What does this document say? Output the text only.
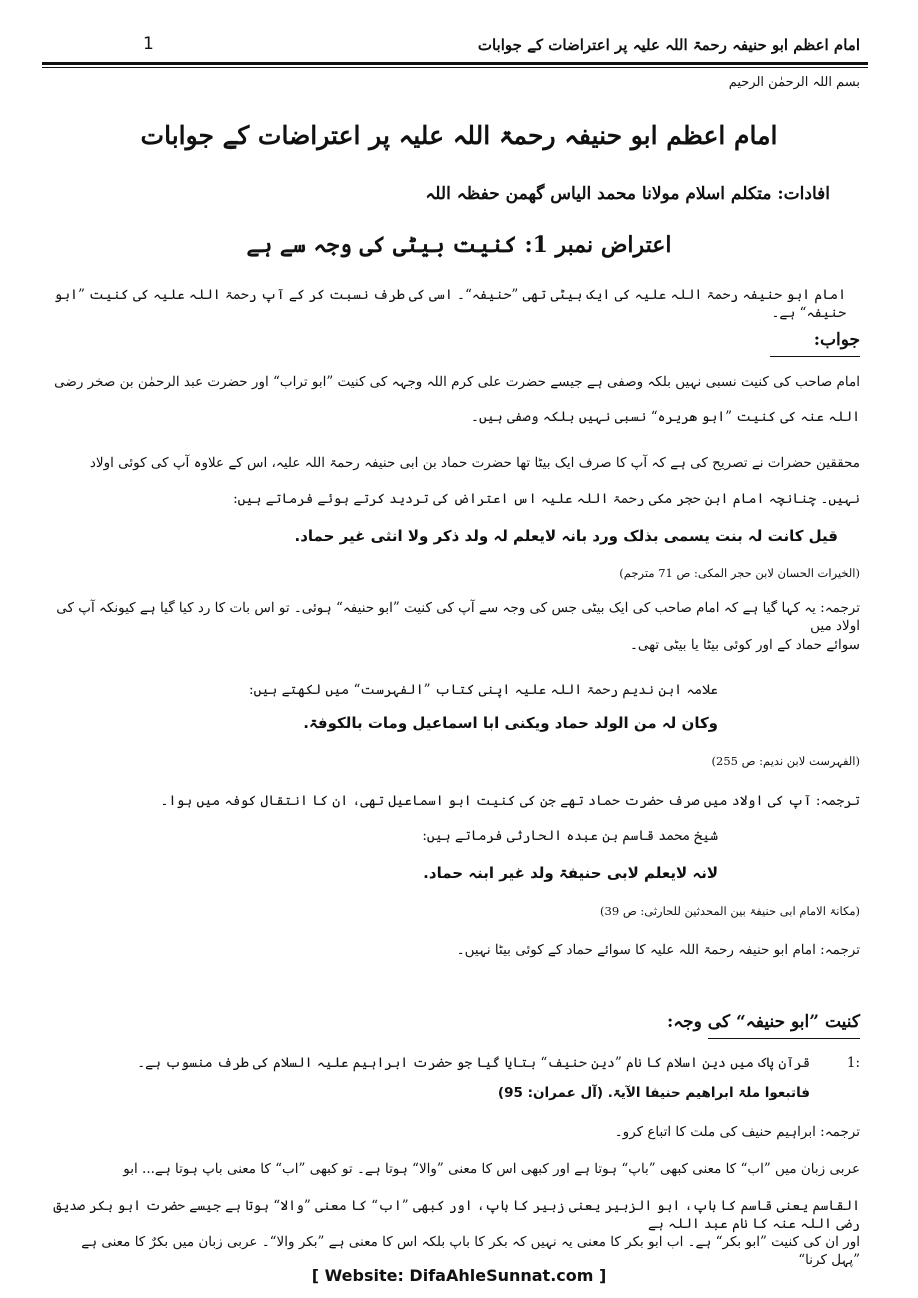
امام اعظم ابو حنیفہ رحمۃ اللہ علیہ پر اعتراضات کے جوابات
1
بسم اللہ الرحمٰن الرحیم
امام اعظم ابو حنیفہ رحمۃ اللہ علیہ پر اعتراضات کے جوابات
افادات: متکلم اسلام مولانا محمد الیاس گھمن حفظہ اللہ
اعتراض نمبر 1: کنیت بیٹی کی وجہ سے ہے
امام ابو حنیفہ رحمۃ اللہ علیہ کی ایک بیٹی تھی ”حنیفہ“۔ اسی کی طرف نسبت کر کے آپ رحمۃ اللہ علیہ کی کنیت ”ابو حنیفہ“ ہے۔
جواب:
امام صاحب کی کنیت نسبی نہیں بلکہ وصفی ہے جیسے حضرت علی کرم اللہ وجہہ کی کنیت ”ابو تراب“ اور حضرت عبد الرحمٰن بن صخر رضی
اللہ عنہ کی کنیت ”ابو ھریرہ“ نسبی نہیں بلکہ وصفی ہیں۔
محققین حضرات نے تصریح کی ہے کہ آپ کا صرف ایک بیٹا تھا حضرت حماد بن ابی حنیفہ رحمۃ اللہ علیہ، اس کے علاوہ آپ کی کوئی اولاد
نہیں۔ چنانچہ امام ابن حجر مکی رحمۃ اللہ علیہ اس اعتراض کی تردید کرتے ہوئے فرماتے ہیں:
قیل کانت لہ بنت یسمی بذلک ورد بانہ لایعلم لہ ولد ذکر ولا انثی غیر حماد.
(الخیرات الحسان لابن حجر المکی: ص 71 مترجم)
ترجمہ: یہ کہا گیا ہے کہ امام صاحب کی ایک بیٹی جس کی وجہ سے آپ کی کنیت ”ابو حنیفہ“ ہوئی۔ تو اس بات کا رد کیا گیا ہے کیونکہ آپ کی اولاد میں
سوائے حماد کے اور کوئی بیٹا یا بیٹی تھی۔
علامہ ابن ندیم رحمۃ اللہ علیہ اپنی کتاب ”الفہرست“ میں لکھتے ہیں:
وکان لہ من الولد حماد ویکنی ابا اسماعیل ومات بالکوفۃ.
(الفہرست لابن ندیم: ص 255)
ترجمہ: آپ کی اولاد میں صرف حضرت حماد تھے جن کی کنیت ابو اسماعیل تھی، ان کا انتقال کوفہ میں ہوا۔
شیخ محمد قاسم بن عبدہ الحارثی فرماتے ہیں:
لانہ لایعلم لابی حنیفۃ ولد غیر ابنہ حماد.
(مکانۃ الامام ابی حنیفۃ بین المحدثین للحارثی: ص 39)
ترجمہ: امام ابو حنیفہ رحمۃ اللہ علیہ کا سوائے حماد کے کوئی بیٹا نہیں۔
کنیت ”ابو حنیفہ“ کی وجہ:
1:
قرآن پاک میں دین اسلام کا نام ”دین حنیف“ بتایا گیا جو حضرت ابراہیم علیہ السلام کی طرف منسوب ہے۔
فاتبعوا ملۃ ابراھیم حنیفا الآیۃ. (آل عمران: 95)
ترجمہ: ابراہیم حنیف کی ملت کا اتباع کرو۔
عربی زبان میں ”اب“ کا معنی کبھی ”باپ“ ہوتا ہے اور کبھی اس کا معنی ”والا“ ہوتا ہے۔ تو کبھی ”اب“ کا معنی باپ ہوتا ہے... ابو
القاسم یعنی قاسم کا باپ، ابو الزبیر یعنی زبیر کا باپ، اور کبھی ”اب“ کا معنی ”والا“ ہوتا ہے جیسے حضرت ابو بکر صدیق رضی اللہ عنہ کا نام عبد اللہ ہے
اور ان کی کنیت ”ابو بکر“ ہے۔ اب ابو بکر کا معنی یہ نہیں کہ بکر کا باپ بلکہ اس کا معنی ہے ”بکر والا“۔ عربی زبان میں بکرٌ کا معنی ہے ”پہل کرنا“
[ Website: DifaAhleSunnat.com ]
